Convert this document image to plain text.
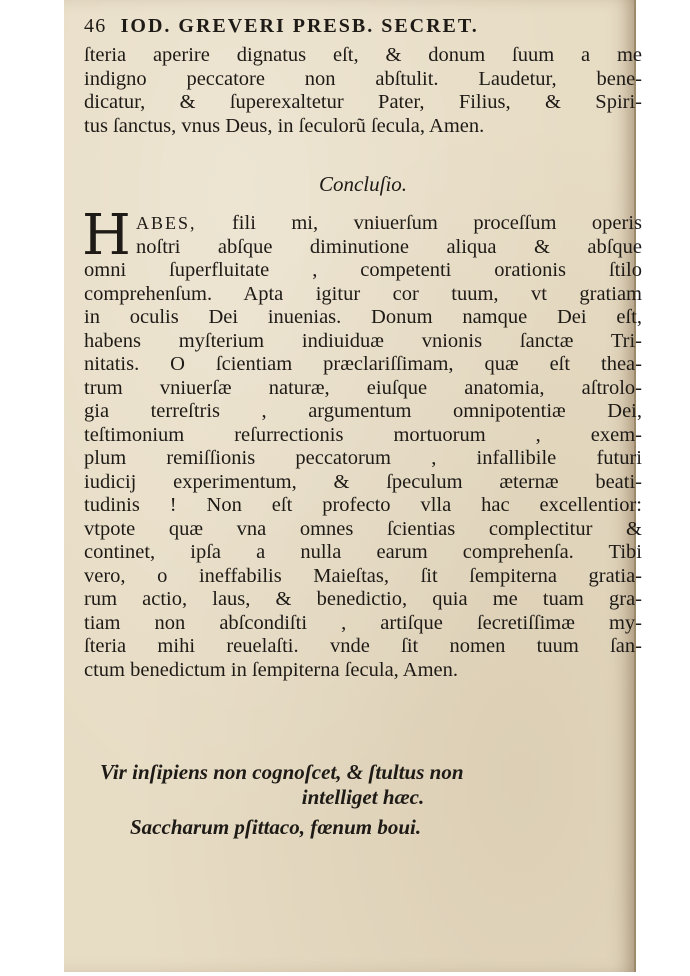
46 IOD. GREVERI PRESB. SECRET.
ſteria aperire dignatus eſt, & donum ſuum a me
indigno peccatore non abſtulit. Laudetur, bene-
dicatur, & ſuperexaltetur Pater, Filius, & Spiri-
tus ſanctus, vnus Deus, in ſeculorũ ſecula, Amen.
Concluſio.
H ABES, fili mi, vniuerſum proceſſum operis
noſtri abſque diminutione aliqua & abſque
omni ſuperfluitate , competenti orationis ſtilo
comprehenſum. Apta igitur cor tuum, vt gratiam
in oculis Dei inuenias. Donum namque Dei eſt,
habens myſterium indiuiduæ vnionis ſanctæ Tri-
nitatis. O ſcientiam præclariſſimam, quæ eſt thea-
trum vniuerſæ naturæ, eiuſque anatomia, aſtrolo-
gia terreſtris , argumentum omnipotentiæ Dei,
teſtimonium reſurrectionis mortuorum , exem-
plum remiſſionis peccatorum , infallibile futuri
iudicij experimentum, & ſpeculum æternæ beati-
tudinis ! Non eſt profecto vlla hac excellentior:
vtpote quæ vna omnes ſcientias complectitur &
continet, ipſa a nulla earum comprehenſa. Tibi
vero, o ineffabilis Maieſtas, ſit ſempiterna gratia-
rum actio, laus, & benedictio, quia me tuam gra-
tiam non abſcondiſti , artiſque ſecretiſſimæ my-
ſteria mihi reuelaſti. vnde ſit nomen tuum ſan-
ctum benedictum in ſempiterna ſecula, Amen.
Vir inſipiens non cognoſcet, & ſtultus non
intelliget hæc.
Saccharum pſittaco, fœnum boui.
